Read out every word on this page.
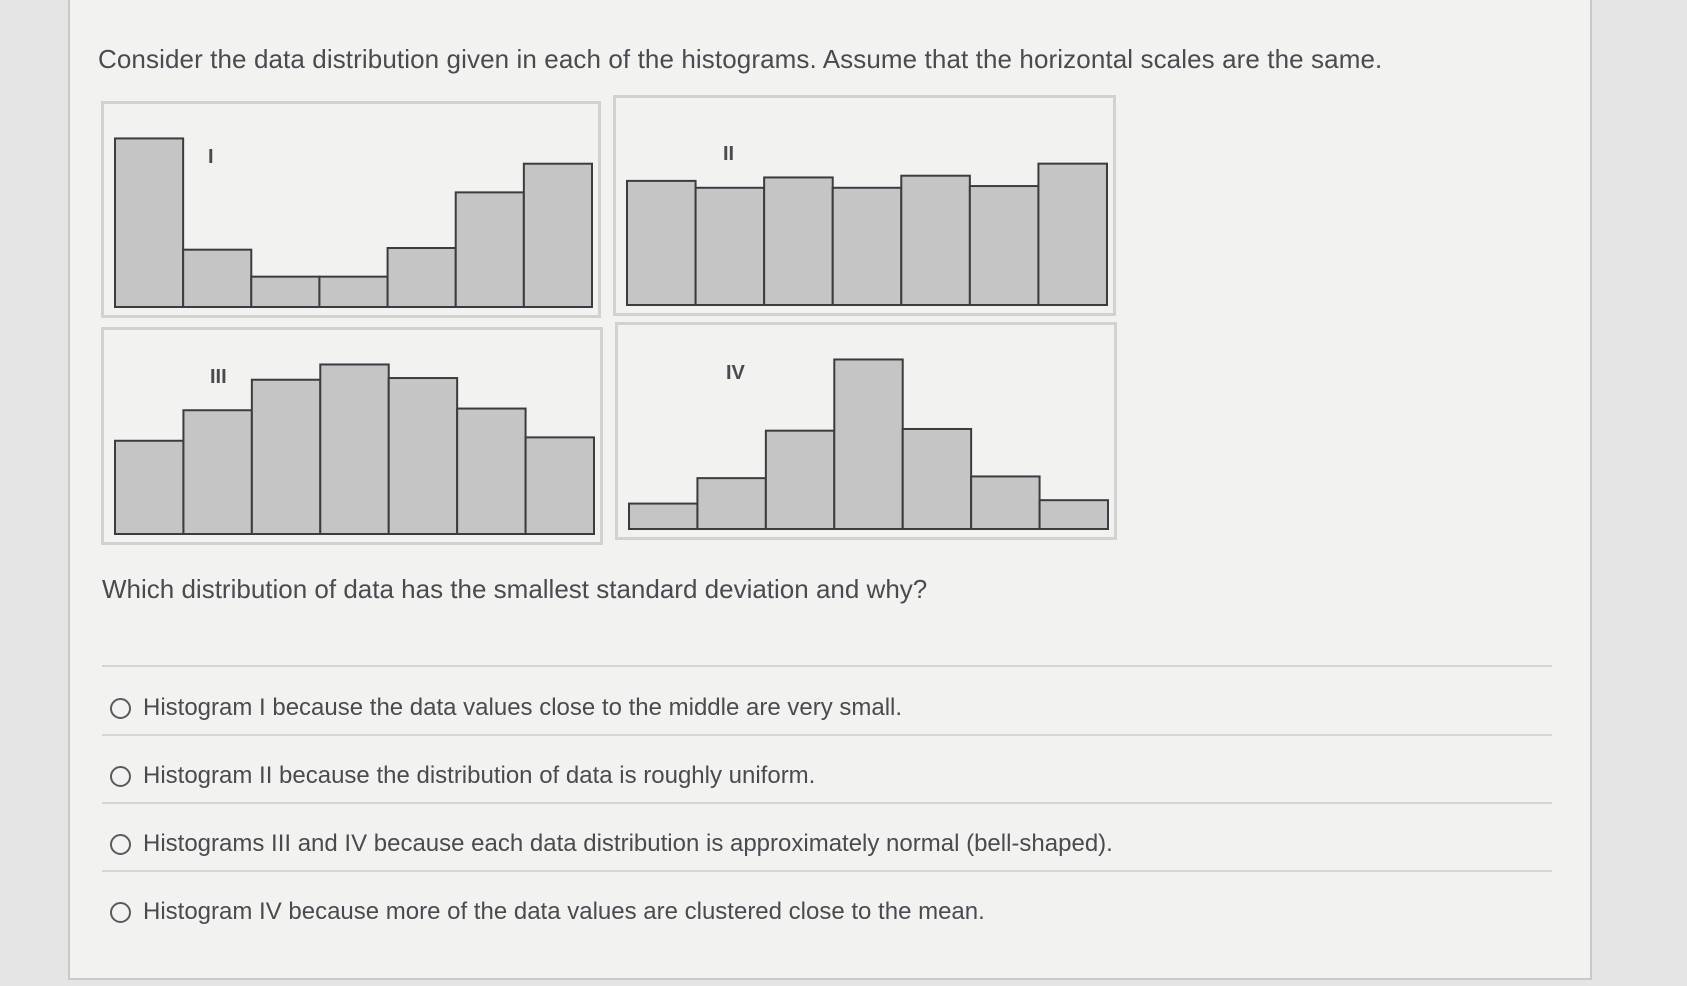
Consider the data distribution given in each of the histograms. Assume that the horizontal scales are the same.
I	II
III	IV
Which distribution of data has the smallest standard deviation and why?
Histogram I because the data values close to the middle are very small.
Histogram II because the distribution of data is roughly uniform.
Histograms III and IV because each data distribution is approximately normal (bell-shaped).
Histogram IV because more of the data values are clustered close to the mean.
